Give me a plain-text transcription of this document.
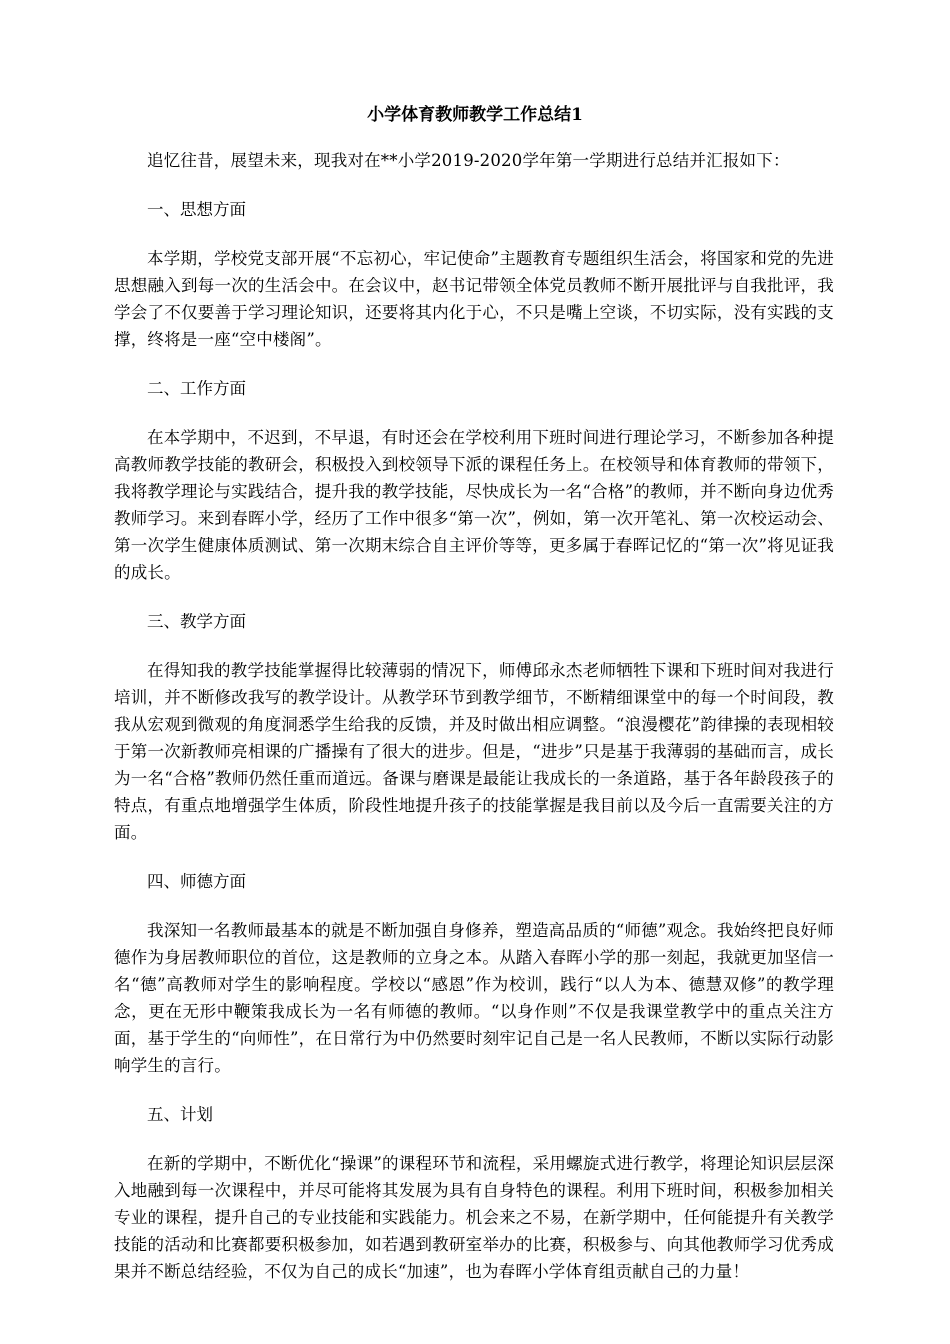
小学体育教师教学工作总结1

追忆往昔，展望未来，现我对在**小学2019-2020学年第一学期进行总结并汇报如下：

一、思想方面

本学期，学校党支部开展“不忘初心，牢记使命”主题教育专题组织生活会，将国家和党的先进思想融入到每一次的生活会中。在会议中，赵书记带领全体党员教师不断开展批评与自我批评，我学会了不仅要善于学习理论知识，还要将其内化于心，不只是嘴上空谈，不切实际，没有实践的支撑，终将是一座“空中楼阁”。

二、工作方面

在本学期中，不迟到，不早退，有时还会在学校利用下班时间进行理论学习，不断参加各种提高教师教学技能的教研会，积极投入到校领导下派的课程任务上。在校领导和体育教师的带领下，我将教学理论与实践结合，提升我的教学技能，尽快成长为一名“合格”的教师，并不断向身边优秀教师学习。来到春晖小学，经历了工作中很多“第一次”，例如，第一次开笔礼、第一次校运动会、第一次学生健康体质测试、第一次期末综合自主评价等等，更多属于春晖记忆的“第一次”将见证我的成长。

三、教学方面

在得知我的教学技能掌握得比较薄弱的情况下，师傅邱永杰老师牺牲下课和下班时间对我进行培训，并不断修改我写的教学设计。从教学环节到教学细节，不断精细课堂中的每一个时间段，教我从宏观到微观的角度洞悉学生给我的反馈，并及时做出相应调整。“浪漫樱花”韵律操的表现相较于第一次新教师亮相课的广播操有了很大的进步。但是，“进步”只是基于我薄弱的基础而言，成长为一名“合格”教师仍然任重而道远。备课与磨课是最能让我成长的一条道路，基于各年龄段孩子的特点，有重点地增强学生体质，阶段性地提升孩子的技能掌握是我目前以及今后一直需要关注的方面。

四、师德方面

我深知一名教师最基本的就是不断加强自身修养，塑造高品质的“师德”观念。我始终把良好师德作为身居教师职位的首位，这是教师的立身之本。从踏入春晖小学的那一刻起，我就更加坚信一名“德”高教师对学生的影响程度。学校以“感恩”作为校训，践行“以人为本、德慧双修”的教学理念，更在无形中鞭策我成长为一名有师德的教师。“以身作则”不仅是我课堂教学中的重点关注方面，基于学生的“向师性”，在日常行为中仍然要时刻牢记自己是一名人民教师，不断以实际行动影响学生的言行。

五、计划

在新的学期中，不断优化“操课”的课程环节和流程，采用螺旋式进行教学，将理论知识层层深入地融到每一次课程中，并尽可能将其发展为具有自身特色的课程。利用下班时间，积极参加相关专业的课程，提升自己的专业技能和实践能力。机会来之不易，在新学期中，任何能提升有关教学技能的活动和比赛都要积极参加，如若遇到教研室举办的比赛，积极参与、向其他教师学习优秀成果并不断总结经验，不仅为自己的成长“加速”，也为春晖小学体育组贡献自己的力量！
